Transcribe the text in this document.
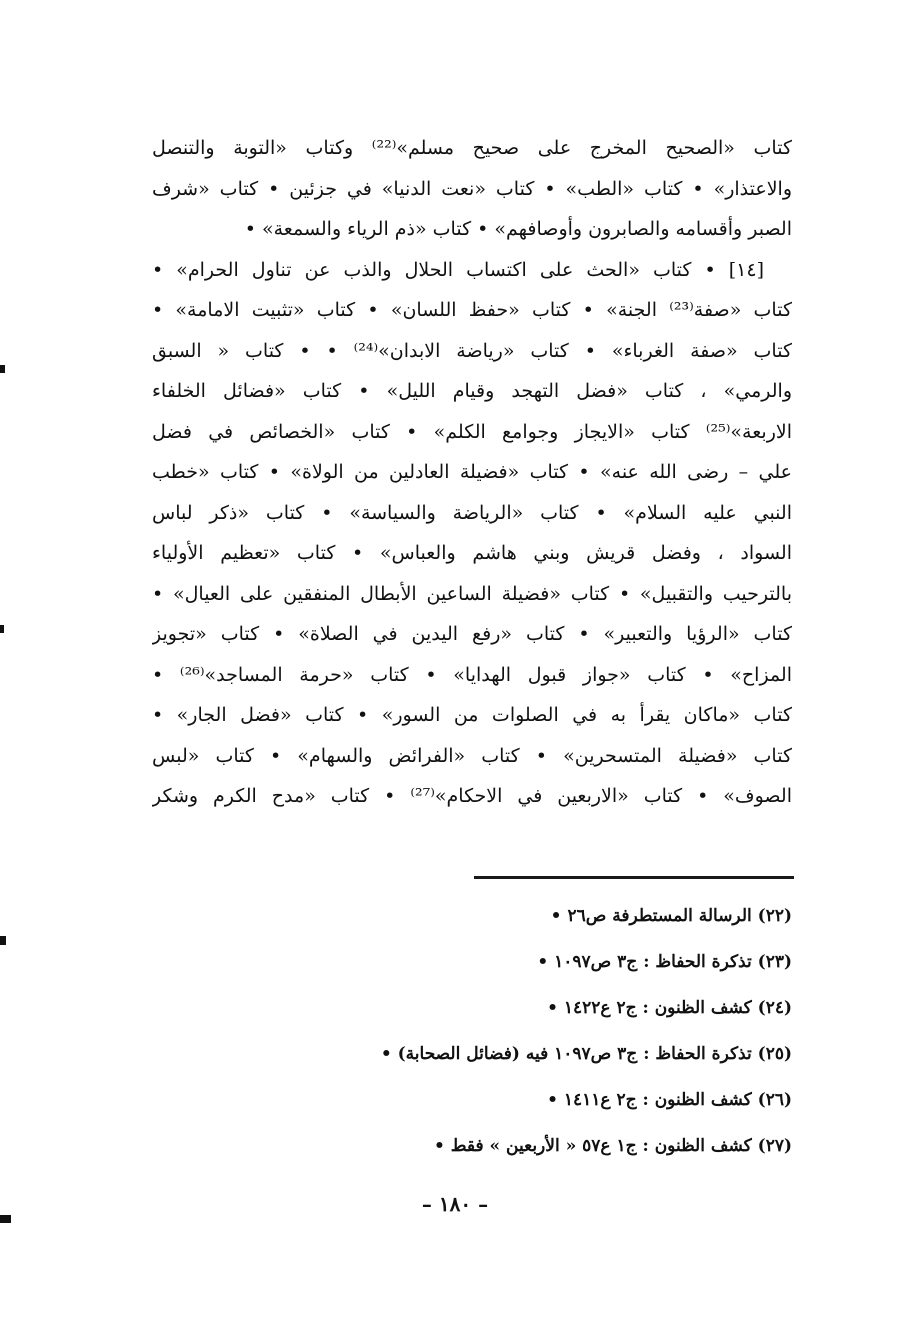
كتاب «الصحيح المخرج على صحيح مسلم»⁽²²⁾ وكتاب «التوبة والتنصل
والاعتذار» • كتاب «الطب» • كتاب «نعت الدنيا» في جزئين • كتاب «شرف
الصبر وأقسامه والصابرون وأوصافهم» • كتاب «ذم الرياء والسمعة» •
[١٤] • كتاب «الحث على اكتساب الحلال والذب عن تناول الحرام» •
كتاب «صفة⁽²³⁾ الجنة» • كتاب «حفظ اللسان» • كتاب «تثبيت الامامة» •
كتاب «صفة الغرباء» • كتاب «رياضة الابدان»⁽²⁴⁾ • • كتاب « السبق
والرمي» ، كتاب «فضل التهجد وقيام الليل» • كتاب «فضائل الخلفاء
الاربعة»⁽²⁵⁾ كتاب «الايجاز وجوامع الكلم» • كتاب «الخصائص في فضل
علي – رضى الله عنه» • كتاب «فضيلة العادلين من الولاة» • كتاب «خطب
النبي عليه السلام» • كتاب «الرياضة والسياسة» • كتاب «ذكر لباس
السواد ، وفضل قريش وبني هاشم والعباس» • كتاب «تعظيم الأولياء
بالترحيب والتقبيل» • كتاب «فضيلة الساعين الأبطال المنفقين على العيال» •
كتاب «الرؤيا والتعبير» • كتاب «رفع اليدين في الصلاة» • كتاب «تجويز
المزاح» • كتاب «جواز قبول الهدايا» • كتاب «حرمة المساجد»⁽²⁶⁾ •
كتاب «ماكان يقرأ به في الصلوات من السور» • كتاب «فضل الجار» •
كتاب «فضيلة المتسحرين» • كتاب «الفرائض والسهام» • كتاب «لبس
الصوف» • كتاب «الاربعين في الاحكام»⁽²⁷⁾ • كتاب «مدح الكرم وشكر
(٢٢) الرسالة المستطرفة ص٢٦ •
(٢٣) تذكرة الحفاظ : ج٣ ص١٠٩٧ •
(٢٤) كشف الظنون : ج٢ ع١٤٢٢ •
(٢٥) تذكرة الحفاظ : ج٣ ص١٠٩٧ فيه (فضائل الصحابة) •
(٢٦) كشف الظنون : ج٢ ع١٤١١ •
(٢٧) كشف الظنون : ج١ ع٥٧ « الأربعين » فقط •
– ١٨٠ –
